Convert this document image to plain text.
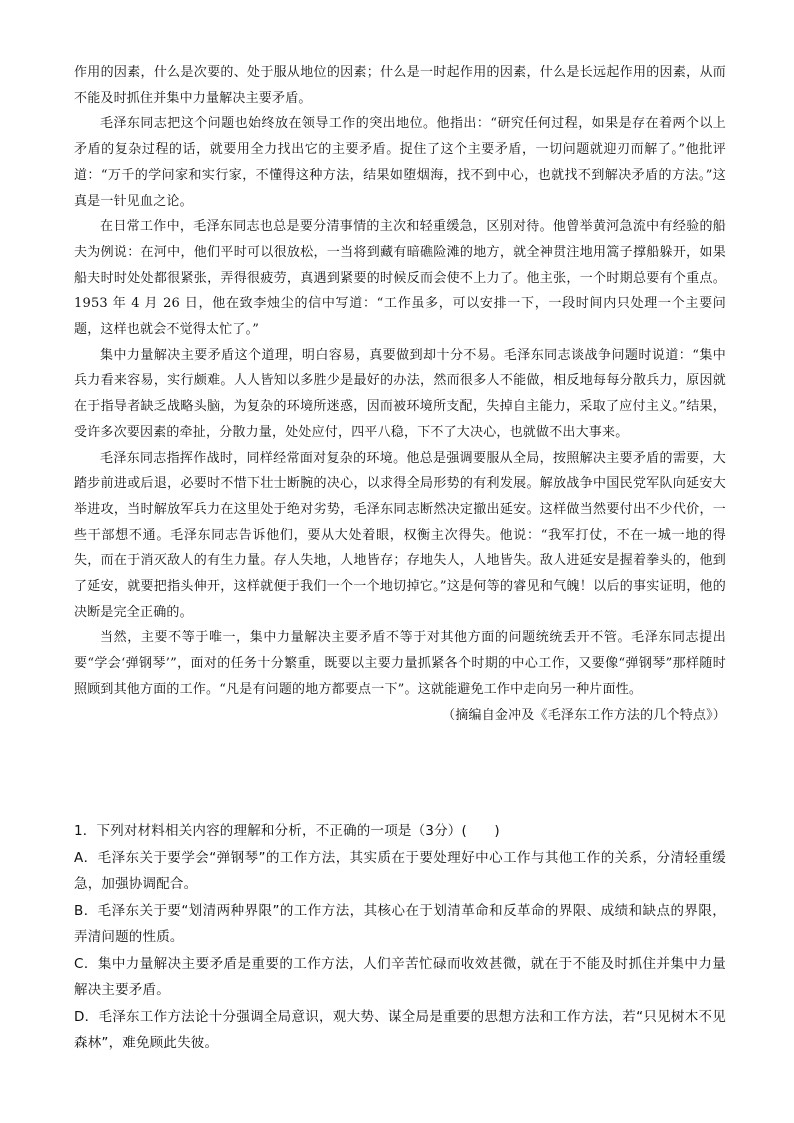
作用的因素，什么是次要的、处于服从地位的因素；什么是一时起作用的因素，什么是长远起作用的因素，从而不能及时抓住并集中力量解决主要矛盾。

毛泽东同志把这个问题也始终放在领导工作的突出地位。他指出：“研究任何过程，如果是存在着两个以上矛盾的复杂过程的话，就要用全力找出它的主要矛盾。捉住了这个主要矛盾，一切问题就迎刃而解了。”他批评道：“万千的学问家和实行家，不懂得这种方法，结果如堕烟海，找不到中心，也就找不到解决矛盾的方法。”这真是一针见血之论。

在日常工作中，毛泽东同志也总是要分清事情的主次和轻重缓急，区别对待。他曾举黄河急流中有经验的船夫为例说：在河中，他们平时可以很放松，一当将到藏有暗礁险滩的地方，就全神贯注地用篙子撑船躲开，如果船夫时时处处都很紧张，弄得很疲劳，真遇到紧要的时候反而会使不上力了。他主张，一个时期总要有个重点。1953 年 4 月 26 日，他在致李烛尘的信中写道：“工作虽多，可以安排一下，一段时间内只处理一个主要问题，这样也就会不觉得太忙了。”

集中力量解决主要矛盾这个道理，明白容易，真要做到却十分不易。毛泽东同志谈战争问题时说道：“集中兵力看来容易，实行颇难。人人皆知以多胜少是最好的办法，然而很多人不能做，相反地每每分散兵力，原因就在于指导者缺乏战略头脑，为复杂的环境所迷惑，因而被环境所支配，失掉自主能力，采取了应付主义。”结果，受许多次要因素的牵扯，分散力量，处处应付，四平八稳，下不了大决心，也就做不出大事来。

毛泽东同志指挥作战时，同样经常面对复杂的环境。他总是强调要服从全局，按照解决主要矛盾的需要，大踏步前进或后退，必要时不惜下壮士断腕的决心，以求得全局形势的有利发展。解放战争中国民党军队向延安大举进攻，当时解放军兵力在这里处于绝对劣势，毛泽东同志断然决定撤出延安。这样做当然要付出不少代价，一些干部想不通。毛泽东同志告诉他们，要从大处着眼，权衡主次得失。他说：“我军打仗，不在一城一地的得失，而在于消灭敌人的有生力量。存人失地，人地皆存；存地失人，人地皆失。敌人进延安是握着拳头的，他到了延安，就要把指头伸开，这样就便于我们一个一个地切掉它。”这是何等的睿见和气魄！以后的事实证明，他的决断是完全正确的。

当然，主要不等于唯一，集中力量解决主要矛盾不等于对其他方面的问题统统丢开不管。毛泽东同志提出要“学会‘弹钢琴’”，面对的任务十分繁重，既要以主要力量抓紧各个时期的中心工作，又要像“弹钢琴”那样随时照顾到其他方面的工作。“凡是有问题的地方都要点一下”。这就能避免工作中走向另一种片面性。

（摘编自金冲及《毛泽东工作方法的几个特点》）

1．下列对材料相关内容的理解和分析，不正确的一项是（3分）(　　)

A．毛泽东关于要学会“弹钢琴”的工作方法，其实质在于要处理好中心工作与其他工作的关系，分清轻重缓急，加强协调配合。

B．毛泽东关于要“划清两种界限”的工作方法，其核心在于划清革命和反革命的界限、成绩和缺点的界限，弄清问题的性质。

C．集中力量解决主要矛盾是重要的工作方法，人们辛苦忙碌而收效甚微，就在于不能及时抓住并集中力量解决主要矛盾。

D．毛泽东工作方法论十分强调全局意识，观大势、谋全局是重要的思想方法和工作方法，若“只见树木不见森林”，难免顾此失彼。
